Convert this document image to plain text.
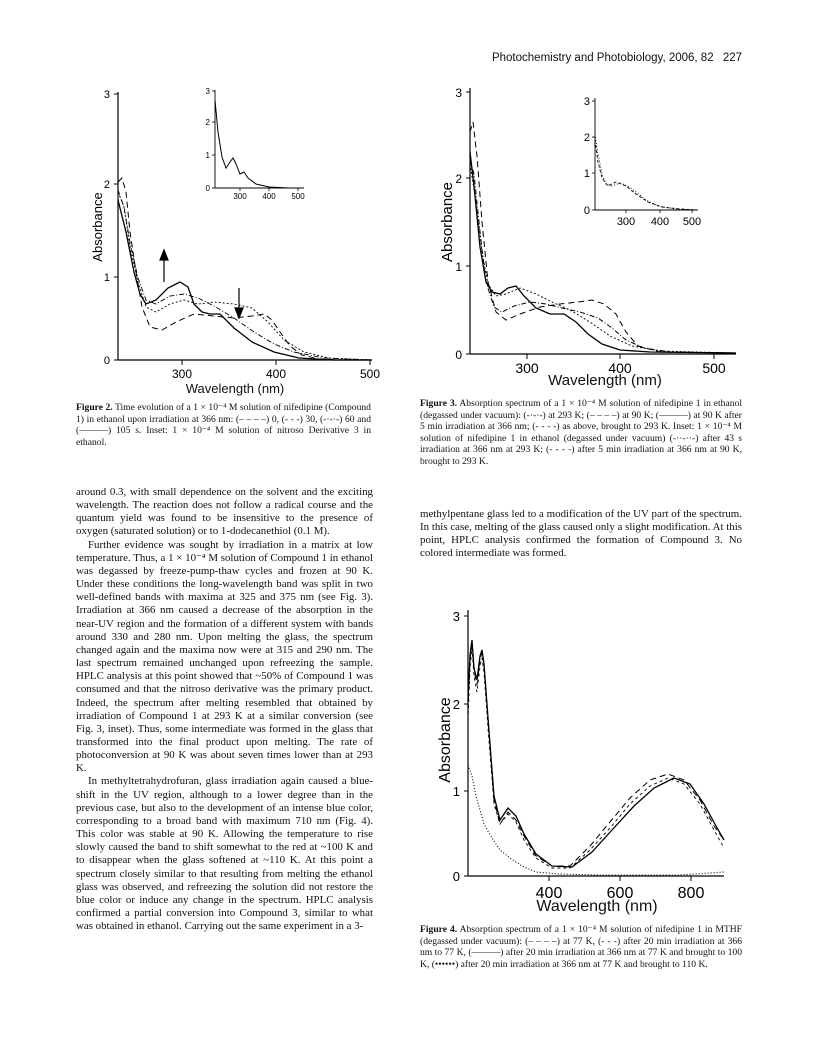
Photochemistry and Photobiology, 2006, 82 227
0
1
2
3
300	400	500
Absorbance
0
1
2
3
300 400 500
Wavelength (nm)
Figure 2. Time evolution of a 1 × 10⁻⁴ M solution of nifedipine (Compound 1) in ethanol upon irradiation at 366 nm: (– – – –) 0, (- - -) 30, (-·-·-) 60 and (———) 105 s. Inset: 1 × 10⁻⁴ M solution of nitroso Derivative 3 in ethanol.
0
1
2
3
300	400	500
Absorbance	0
1
2
3
300 400 500
Wavelength (nm)
Figure 3. Absorption spectrum of a 1 × 10⁻⁴ M solution of nifedipine 1 in ethanol (degassed under vacuum): (-·-·-) at 293 K; (– – – –) at 90 K; (———) at 90 K after 5 min irradiation at 366 nm; (- - - -) as above, brought to 293 K. Inset: 1 × 10⁻⁴ M solution of nifedipine 1 in ethanol (degassed under vacuum) (-··-··-) after 43 s irradiation at 366 nm at 293 K; (- - - -) after 5 min irradiation at 366 nm at 90 K, brought to 293 K.

around 0.3, with small dependence on the solvent and the exciting wavelength. The reaction does not follow a radical course and the quantum yield was found to be insensitive to the presence of oxygen (saturated solution) or to 1-dodecanethiol (0.1 M).

Further evidence was sought by irradiation in a matrix at low temperature. Thus, a 1 × 10⁻⁴ M solution of Compound 1 in ethanol was degassed by freeze-pump-thaw cycles and frozen at 90 K. Under these conditions the long-wavelength band was split in two well-defined bands with maxima at 325 and 375 nm (see Fig. 3). Irradiation at 366 nm caused a decrease of the absorption in the near-UV region and the formation of a different system with bands around 330 and 280 nm. Upon melting the glass, the spectrum changed again and the maxima now were at 315 and 290 nm. The last spectrum remained unchanged upon refreezing the sample. HPLC analysis at this point showed that ~50% of Compound 1 was consumed and that the nitroso derivative was the primary product. Indeed, the spectrum after melting resembled that obtained by irradiation of Compound 1 at 293 K at a similar conversion (see Fig. 3, inset). Thus, some intermediate was formed in the glass that transformed into the final product upon melting. The rate of photoconversion at 90 K was about seven times lower than at 293 K.

In methyltetrahydrofuran, glass irradiation again caused a blue-shift in the UV region, although to a lower degree than in the previous case, but also to the development of an intense blue color, corresponding to a broad band with maximum 710 nm (Fig. 4). This color was stable at 90 K. Allowing the temperature to rise slowly caused the band to shift somewhat to the red at ~100 K and to disappear when the glass softened at ~110 K. At this point a spectrum closely similar to that resulting from melting the ethanol glass was observed, and refreezing the solution did not restore the blue color or induce any change in the spectrum. HPLC analysis confirmed a partial conversion into Compound 3, similar to what was obtained in ethanol. Carrying out the same experiment in a 3-

methylpentane glass led to a modification of the UV part of the spectrum. In this case, melting of the glass caused only a slight modification. At this point, HPLC analysis confirmed the formation of Compound 3. No colored intermediate was formed.

0
1
2
3
400	600	800
Absorbance
Wavelength (nm)
Figure 4. Absorption spectrum of a 1 × 10⁻⁴ M solution of nifedipine 1 in MTHF (degassed under vacuum): (– – – –) at 77 K, (- - -) after 20 min irradiation at 366 nm to 77 K, (———) after 20 min irradiation at 366 nm at 77 K and brought to 100 K, (••••••) after 20 min irradiation at 366 nm at 77 K and brought to 110 K.
